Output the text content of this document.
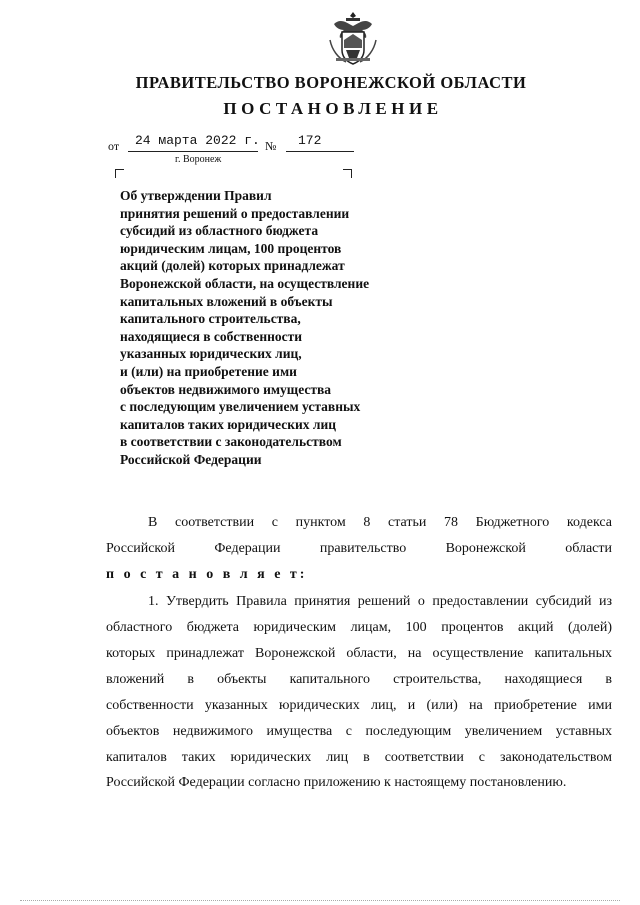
ПРАВИТЕЛЬСТВО ВОРОНЕЖСКОЙ ОБЛАСТИ
ПОСТАНОВЛЕНИЕ
от 24 марта 2022 г. № 172
г. Воронеж
Об утверждении Правил
принятия решений о предоставлении
субсидий из областного бюджета
юридическим лицам, 100 процентов
акций (долей) которых принадлежат
Воронежской области, на осуществление
капитальных вложений в объекты
капитального строительства,
находящиеся в собственности
указанных юридических лиц,
и (или) на приобретение ими
объектов недвижимого имущества
с последующим увеличением уставных
капиталов таких юридических лиц
в соответствии с законодательством
Российской Федерации
В соответствии с пунктом 8 статьи 78 Бюджетного кодекса
Российской Федерации правительство Воронежской области
п о с т а н о в л я е т:
1. Утвердить Правила принятия решений о предоставлении субсидий из
областного бюджета юридическим лицам, 100 процентов акций (долей)
которых принадлежат Воронежской области, на осуществление капитальных
вложений в объекты капитального строительства, находящиеся в
собственности указанных юридических лиц, и (или) на приобретение ими
объектов недвижимого имущества с последующим увеличением уставных
капиталов таких юридических лиц в соответствии с законодательством
Российской Федерации согласно приложению к настоящему постановлению.
